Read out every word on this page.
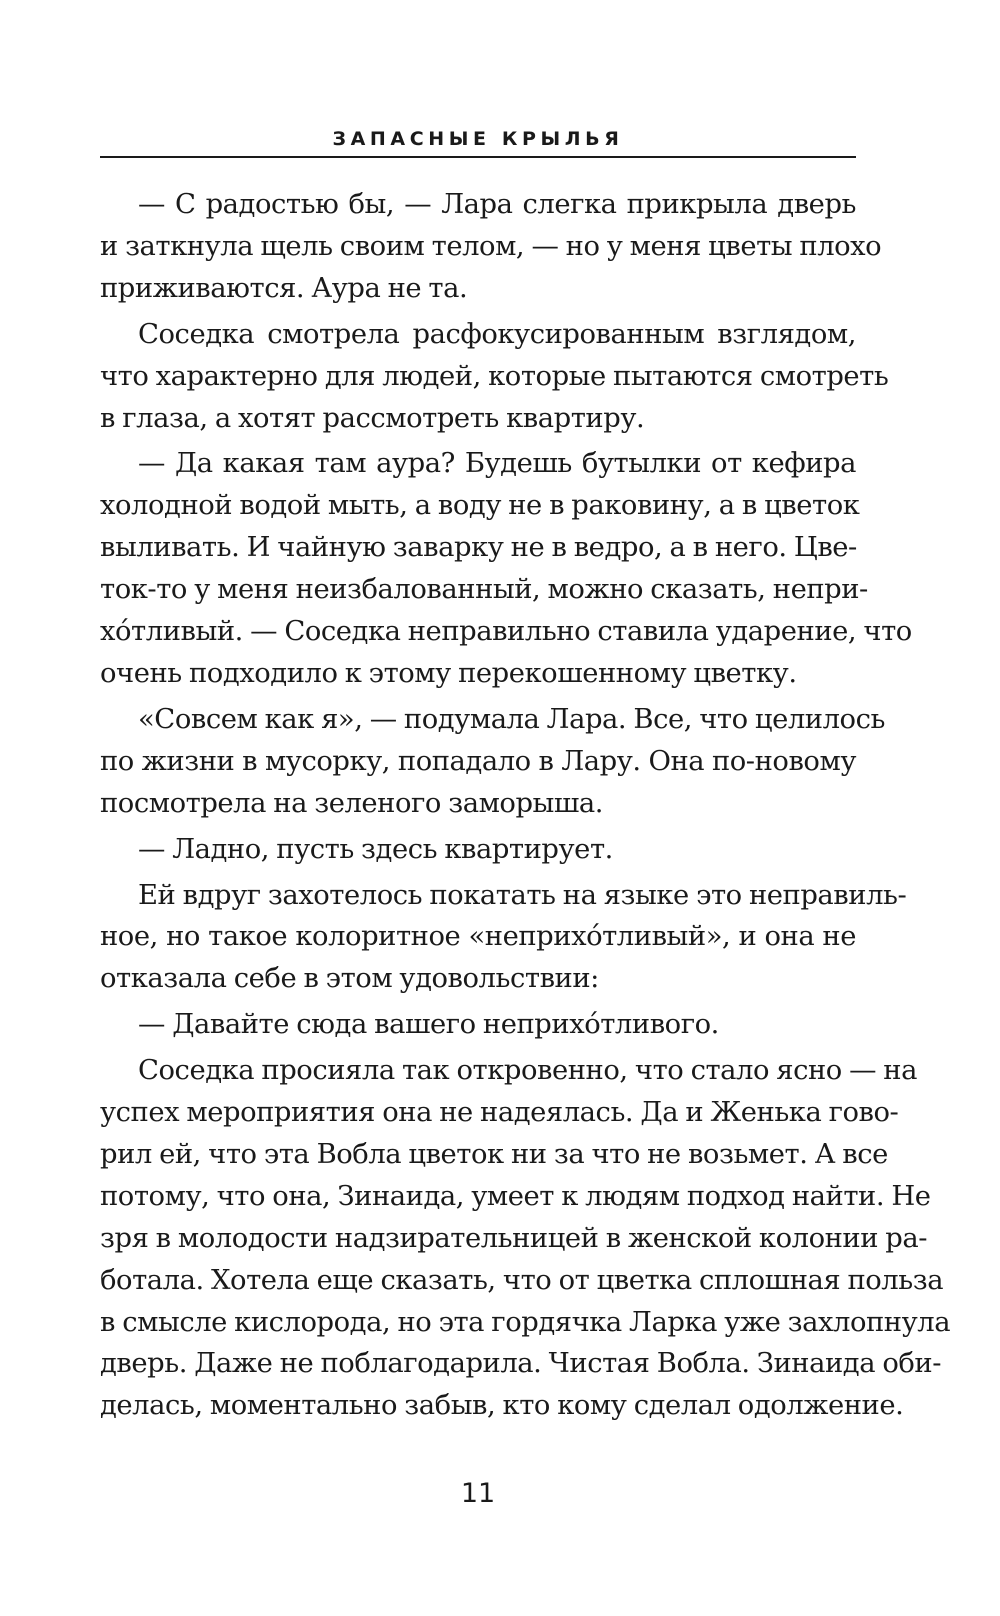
ЗАПАСНЫЕ КРЫЛЬЯ
— С радостью бы, — Лара слегка прикрыла дверь
и заткнула щель своим телом, — но у меня цветы плохо
приживаются. Аура не та.
Соседка смотрела расфокусированным взглядом,
что характерно для людей, которые пытаются смотреть
в глаза, а хотят рассмотреть квартиру.
— Да какая там аура? Будешь бутылки от кефира
холодной водой мыть, а воду не в раковину, а в цветок
выливать. И чайную заварку не в ведро, а в него. Цве-
ток-то у меня неизбалованный, можно сказать, непри-
хóтливый. — Соседка неправильно ставила ударение, что
очень подходило к этому перекошенному цветку.
«Совсем как я», — подумала Лара. Все, что целилось
по жизни в мусорку, попадало в Лару. Она по-новому
посмотрела на зеленого заморыша.
— Ладно, пусть здесь квартирует.
Ей вдруг захотелось покатать на языке это неправиль-
ное, но такое колоритное «неприхóтливый», и она не
отказала себе в этом удовольствии:
— Давайте сюда вашего неприхóтливого.
Соседка просияла так откровенно, что стало ясно — на
успех мероприятия она не надеялась. Да и Женька гово-
рил ей, что эта Вобла цветок ни за что не возьмет. А все
потому, что она, Зинаида, умеет к людям подход найти. Не
зря в молодости надзирательницей в женской колонии ра-
ботала. Хотела еще сказать, что от цветка сплошная польза
в смысле кислорода, но эта гордячка Ларка уже захлопнула
дверь. Даже не поблагодарила. Чистая Вобла. Зинаида оби-
делась, моментально забыв, кто кому сделал одолжение.
11
